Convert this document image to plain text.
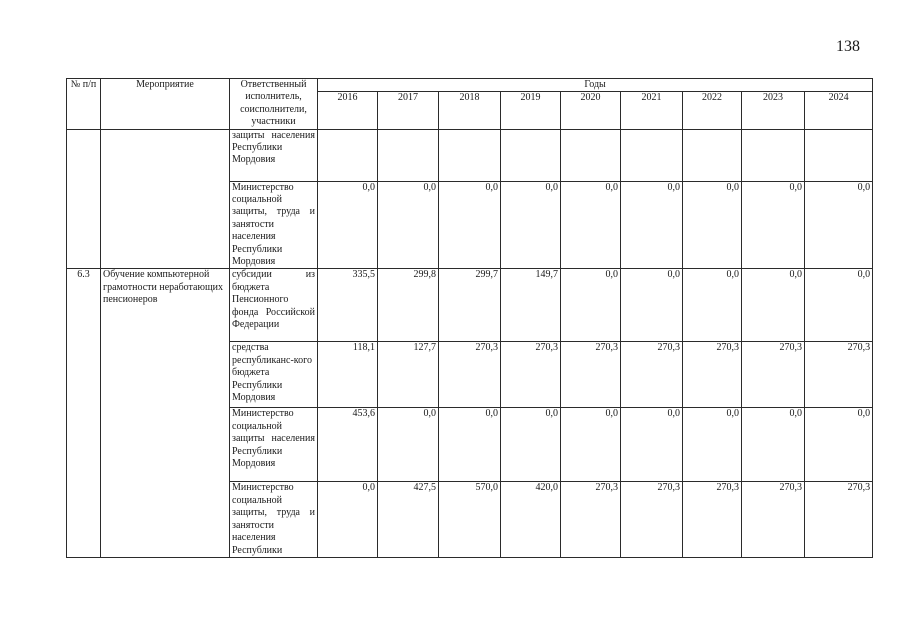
138
№ п/п	Мероприятие	Ответственный исполнитель, соисполнители, участники	Годы								
			2016	2017	2018	2019	2020	2021	2022	2023	2024
		защиты населения Республики Мордовия									
		Министерство социальной защиты, труда и занятости населения Республики Мордовия	0,0	0,0	0,0	0,0	0,0	0,0	0,0	0,0	0,0
6.3	Обучение компьютерной грамотности неработающих пенсионеров	субсидии из бюджета Пенсионного фонда Российской Федерации	335,5	299,8	299,7	149,7	0,0	0,0	0,0	0,0	0,0
		средства республиканс-кого бюджета Республики Мордовия	118,1	127,7	270,3	270,3	270,3	270,3	270,3	270,3	270,3
		Министерство социальной защиты населения Республики Мордовия	453,6	0,0	0,0	0,0	0,0	0,0	0,0	0,0	0,0
		Министерство социальной защиты, труда и занятости населения Республики	0,0	427,5	570,0	420,0	270,3	270,3	270,3	270,3	270,3
